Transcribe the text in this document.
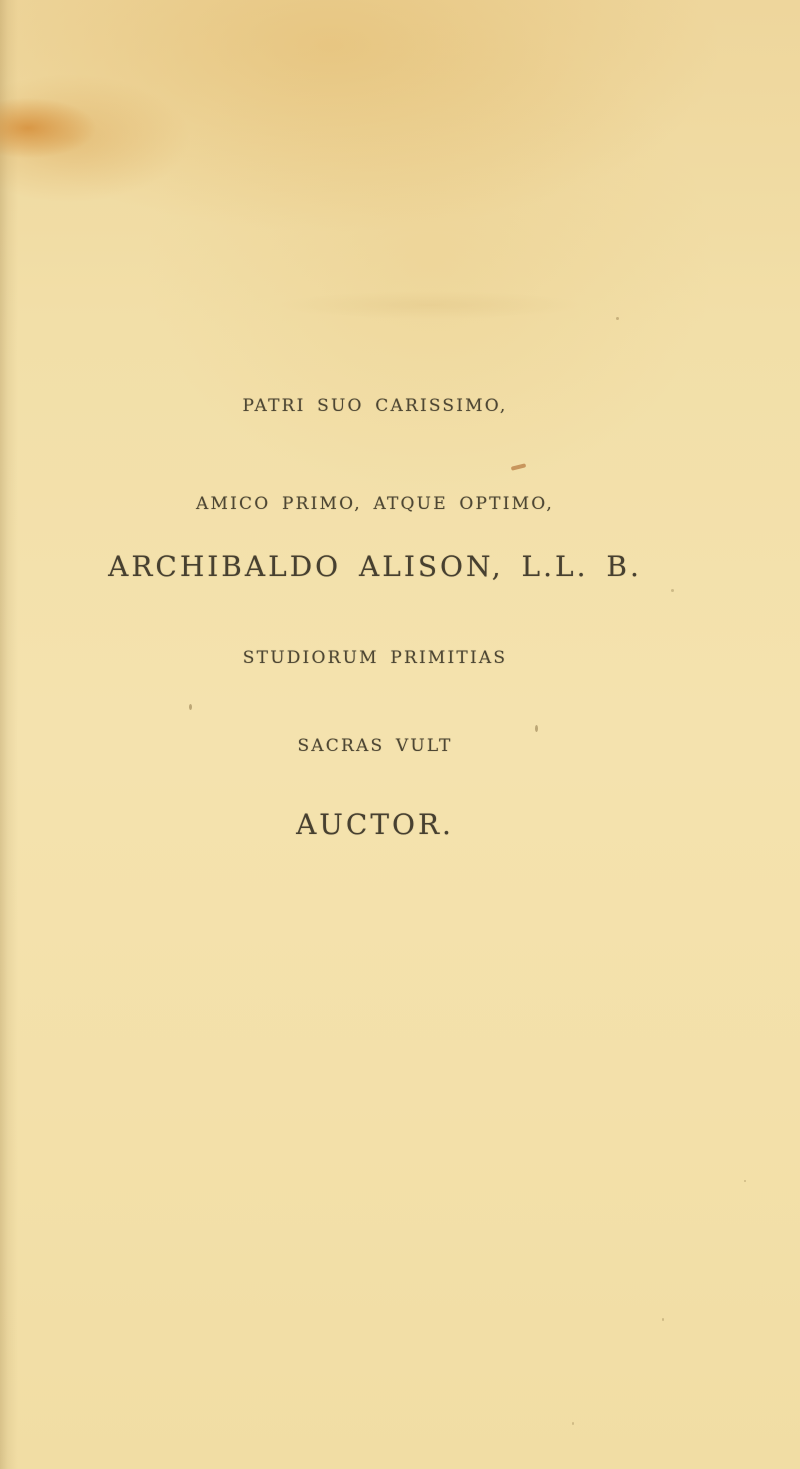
PATRI SUO CARISSIMO,
AMICO PRIMO, ATQUE OPTIMO,
ARCHIBALDO ALISON, L.L. B.
STUDIORUM PRIMITIAS
SACRAS VULT
AUCTOR.
